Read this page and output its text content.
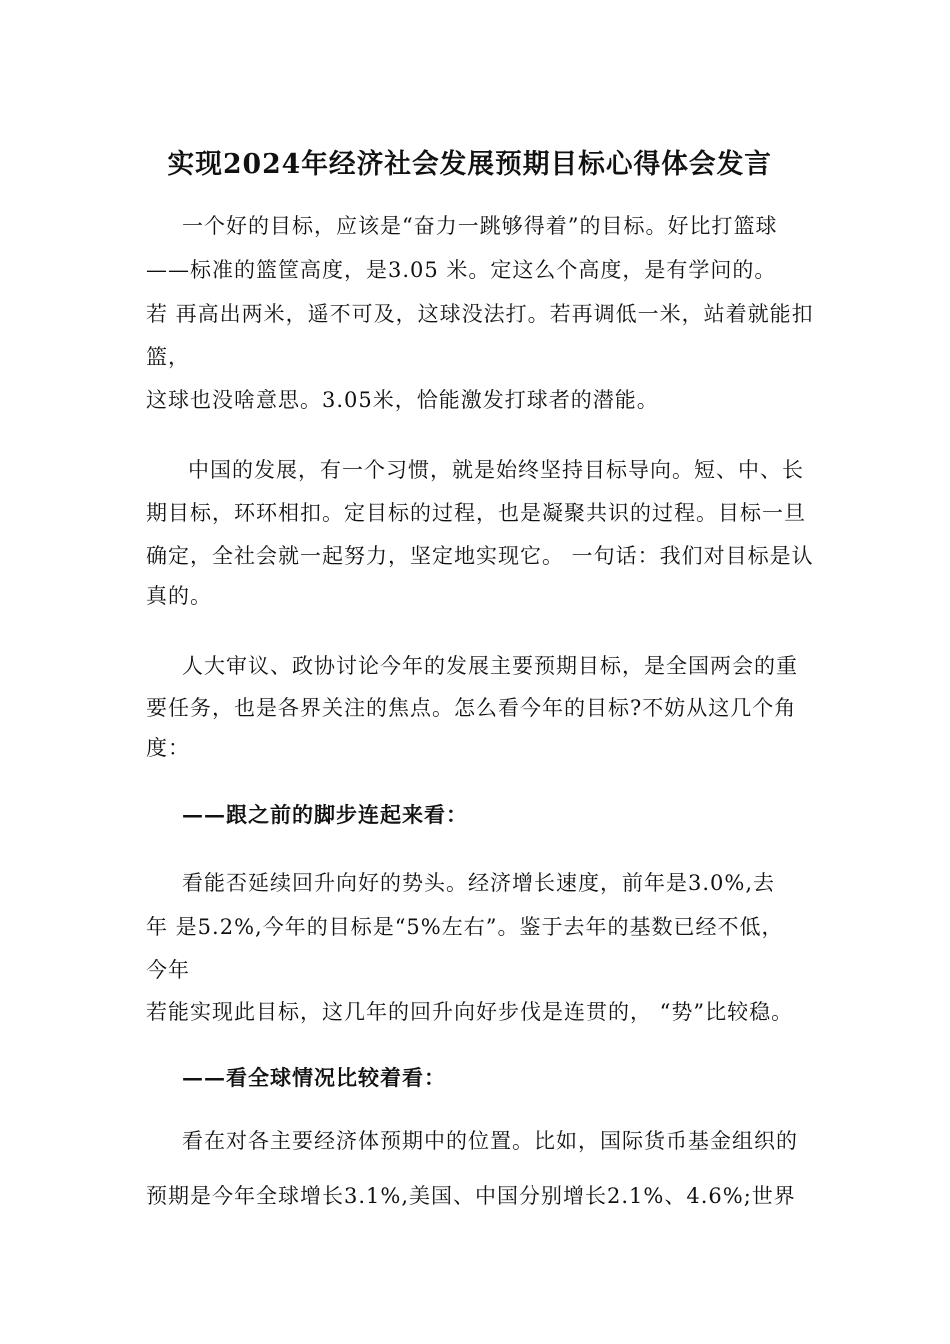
实现2024年经济社会发展预期目标心得体会发言
一个好的目标，应该是“奋力一跳够得着”的目标。好比打篮球
——标准的篮筐高度，是3.05 米。定这么个高度，是有学问的。
若 再高出两米，遥不可及，这球没法打。若再调低一米，站着就能扣
篮，
这球也没啥意思。3.05米，恰能激发打球者的潜能。
中国的发展，有一个习惯，就是始终坚持目标导向。短、中、长
期目标，环环相扣。定目标的过程，也是凝聚共识的过程。目标一旦
确定，全社会就一起努力，坚定地实现它。 一句话：我们对目标是认
真的。
人大审议、政协讨论今年的发展主要预期目标，是全国两会的重
要任务，也是各界关注的焦点。怎么看今年的目标?不妨从这几个角
度：
——跟之前的脚步连起来看：
看能否延续回升向好的势头。经济增长速度，前年是3.0%,去
年 是5.2%,今年的目标是“5%左右”。鉴于去年的基数已经不低，
今年
若能实现此目标，这几年的回升向好步伐是连贯的， “势”比较稳。
——看全球情况比较着看：
看在对各主要经济体预期中的位置。比如，国际货币基金组织的
预期是今年全球增长3.1%,美国、中国分别增长2.1%、4.6%;世界
